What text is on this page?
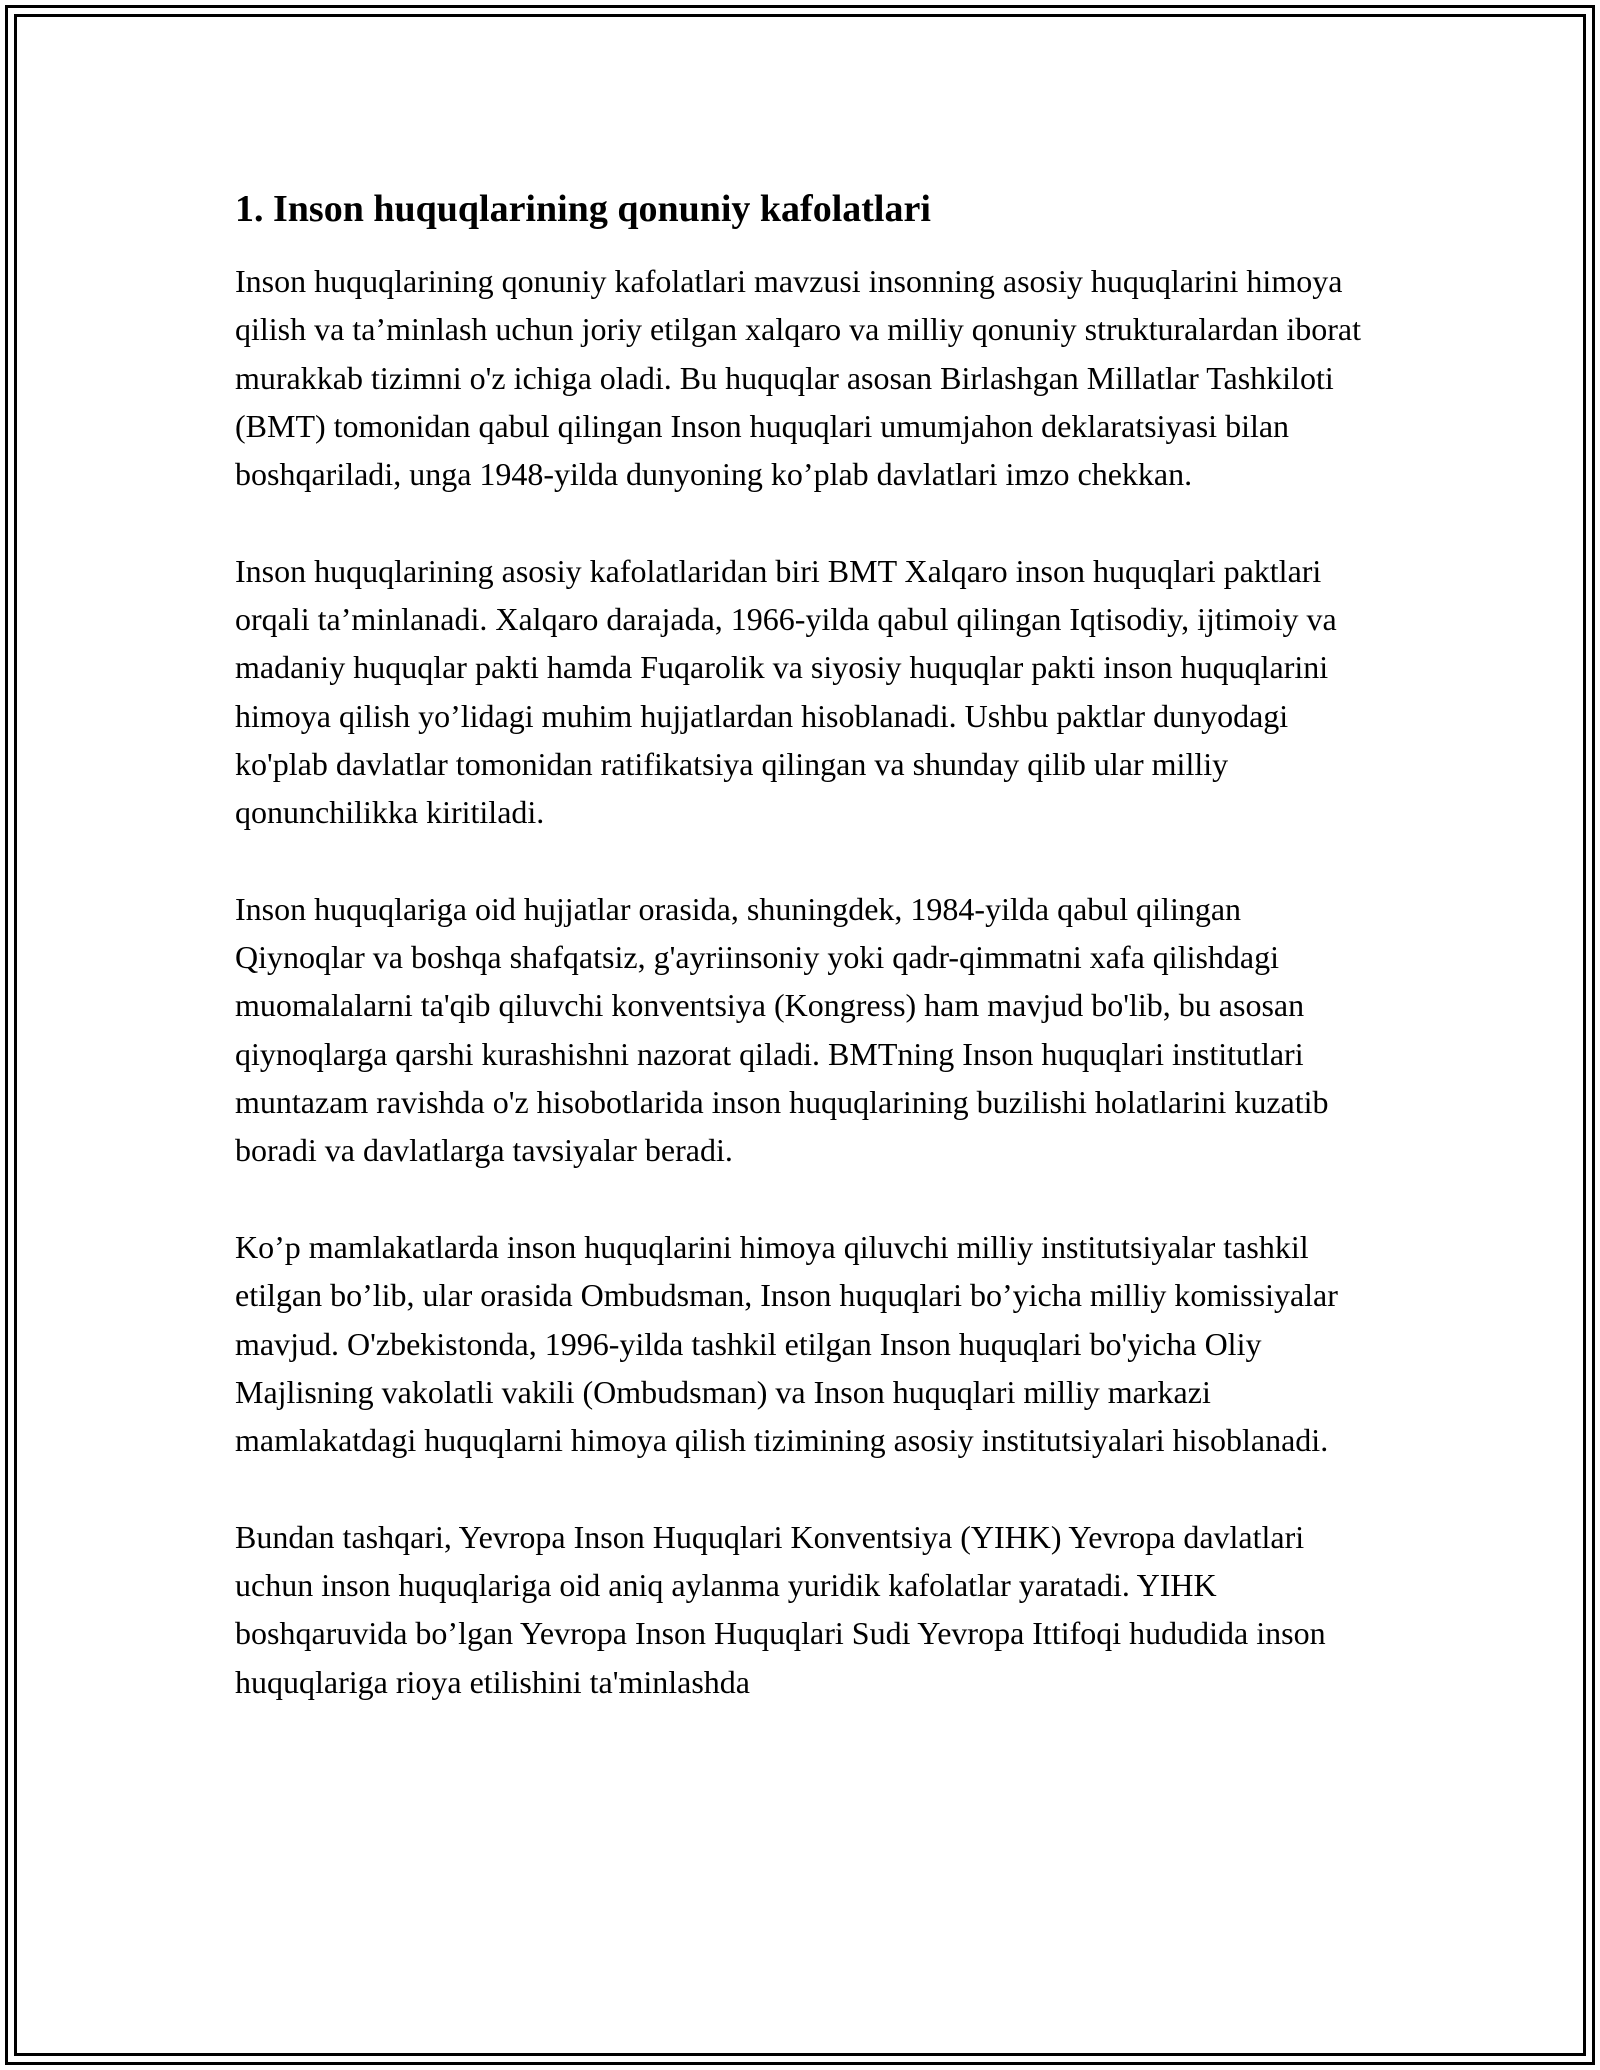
1. Inson huquqlarining qonuniy kafolatlari

Inson huquqlarining qonuniy kafolatlari mavzusi insonning asosiy huquqlarini himoya qilish va ta’minlash uchun joriy etilgan xalqaro va milliy qonuniy strukturalardan iborat murakkab tizimni o'z ichiga oladi. Bu huquqlar asosan Birlashgan Millatlar Tashkiloti (BMT) tomonidan qabul qilingan Inson huquqlari umumjahon deklaratsiyasi bilan boshqariladi, unga 1948-yilda dunyoning ko’plab davlatlari imzo chekkan.

Inson huquqlarining asosiy kafolatlaridan biri BMT Xalqaro inson huquqlari paktlari orqali ta’minlanadi. Xalqaro darajada, 1966-yilda qabul qilingan Iqtisodiy, ijtimoiy va madaniy huquqlar pakti hamda Fuqarolik va siyosiy huquqlar pakti inson huquqlarini himoya qilish yo’lidagi muhim hujjatlardan hisoblanadi. Ushbu paktlar dunyodagi ko'plab davlatlar tomonidan ratifikatsiya qilingan va shunday qilib ular milliy qonunchilikka kiritiladi.

Inson huquqlariga oid hujjatlar orasida, shuningdek, 1984-yilda qabul qilingan Qiynoqlar va boshqa shafqatsiz, g'ayriinsoniy yoki qadr-qimmatni xafa qilishdagi muomalalarni ta'qib qiluvchi konventsiya (Kongress) ham mavjud bo'lib, bu asosan qiynoqlarga qarshi kurashishni nazorat qiladi. BMTning Inson huquqlari institutlari muntazam ravishda o'z hisobotlarida inson huquqlarining buzilishi holatlarini kuzatib boradi va davlatlarga tavsiyalar beradi.

Ko’p mamlakatlarda inson huquqlarini himoya qiluvchi milliy institutsiyalar tashkil etilgan bo’lib, ular orasida Ombudsman, Inson huquqlari bo’yicha milliy komissiyalar mavjud. O'zbekistonda, 1996-yilda tashkil etilgan Inson huquqlari bo'yicha Oliy Majlisning vakolatli vakili (Ombudsman) va Inson huquqlari milliy markazi mamlakatdagi huquqlarni himoya qilish tizimining asosiy institutsiyalari hisoblanadi.

Bundan tashqari, Yevropa Inson Huquqlari Konventsiya (YIHK) Yevropa davlatlari uchun inson huquqlariga oid aniq aylanma yuridik kafolatlar yaratadi. YIHK boshqaruvida bo’lgan Yevropa Inson Huquqlari Sudi Yevropa Ittifoqi hududida inson huquqlariga rioya etilishini ta'minlashda
